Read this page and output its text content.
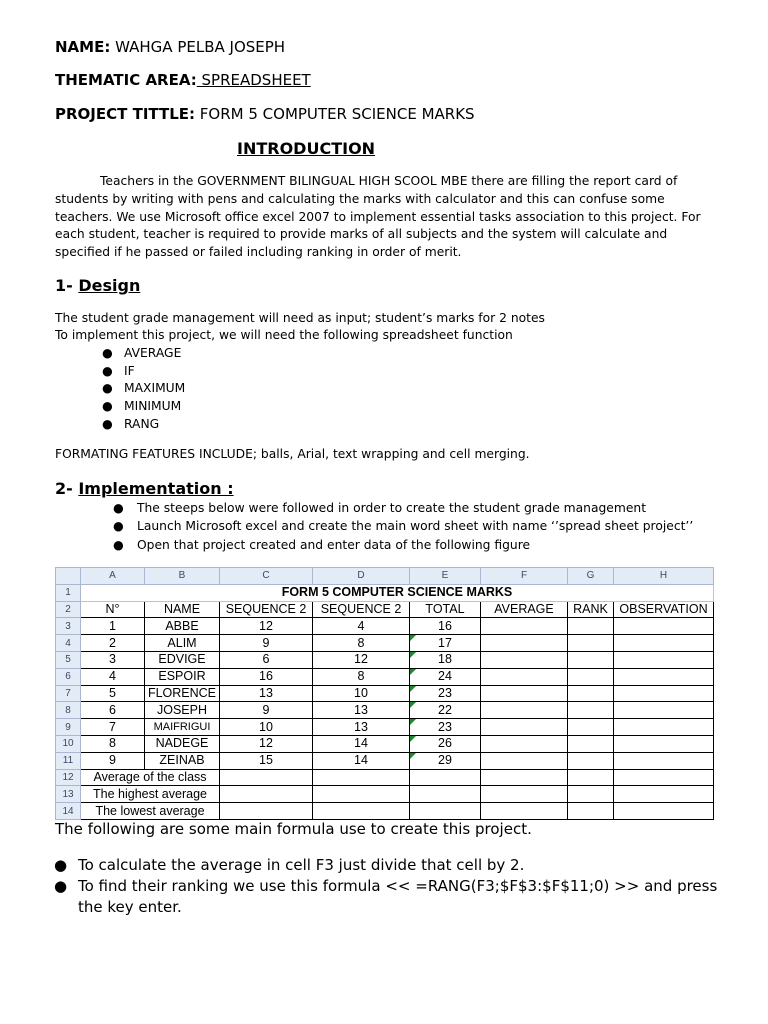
NAME: WAHGA PELBA JOSEPH
THEMATIC AREA: SPREADSHEET
PROJECT TITTLE: FORM 5 COMPUTER SCIENCE MARKS
INTRODUCTION
Teachers in the GOVERNMENT BILINGUAL HIGH SCOOL MBE there are filling the report card of students by writing with pens and calculating the marks with calculator and this can confuse some teachers. We use Microsoft office excel 2007 to implement essential tasks association to this project. For each student, teacher is required to provide marks of all subjects and the system will calculate and specified if he passed or failed including ranking in order of merit.
1- Design
The student grade management will need as input; student’s marks for 2 notes
To implement this project, we will need the following spreadsheet function
● AVERAGE
● IF
● MAXIMUM
● MINIMUM
● RANG
FORMATING FEATURES INCLUDE; balls, Arial, text wrapping and cell merging.
2- Implementation :
● The steeps below were followed in order to create the student grade management
● Launch Microsoft excel and create the main word sheet with name ‘’spread sheet project’’
● Open that project created and enter data of the following figure
	A	B	C	D	E	F	G	H
1	FORM 5 COMPUTER SCIENCE MARKS							
2	N°	NAME	SEQUENCE 2	SEQUENCE 2	TOTAL	AVERAGE	RANK	OBSERVATION
3	1	ABBE	12	4	16			
4	2	ALIM	9	8	17			
5	3	EDVIGE	6	12	18			
6	4	ESPOIR	16	8	24			
7	5	FLORENCE	13	10	23			
8	6	JOSEPH	9	13	22			
9	7	MAIFRIGUI	10	13	23			
10	8	NADEGE	12	14	26			
11	9	ZEINAB	15	14	29			
12	Average of the class							
13	The highest average							
14	The lowest average							
The following are some main formula use to create this project.
● To calculate the average in cell F3 just divide that cell by 2.
● To find their ranking we use this formula << =RANG(F3;$F$3:$F$11;0) >> and press the key enter.
